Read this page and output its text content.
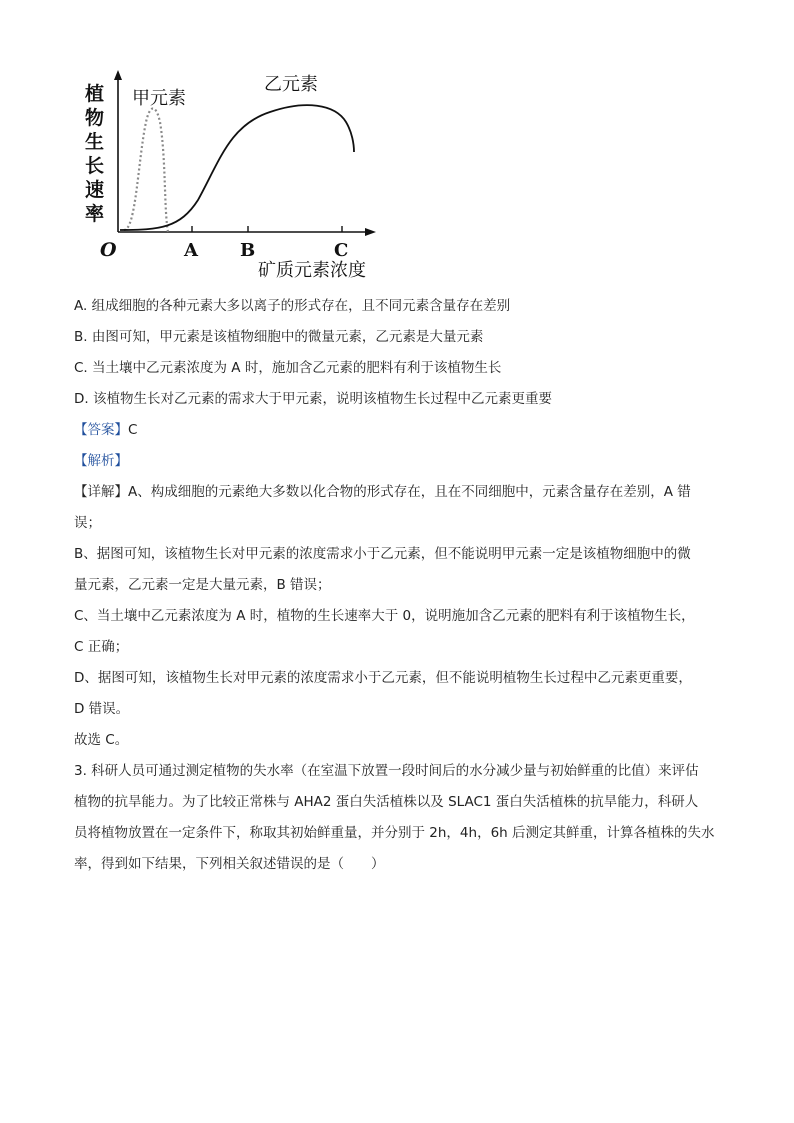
植
物
生
长
速
率
O	A B	C
矿质元素浓度
甲元素
乙元素
A. 组成细胞的各种元素大多以离子的形式存在，且不同元素含量存在差别
B. 由图可知，甲元素是该植物细胞中的微量元素，乙元素是大量元素
C. 当土壤中乙元素浓度为 A 时，施加含乙元素的肥料有利于该植物生长
D. 该植物生长对乙元素的需求大于甲元素，说明该植物生长过程中乙元素更重要
【答案】C
【解析】
【详解】A、构成细胞的元素绝大多数以化合物的形式存在，且在不同细胞中，元素含量存在差别，A 错
误；
B、据图可知，该植物生长对甲元素的浓度需求小于乙元素，但不能说明甲元素一定是该植物细胞中的微
量元素，乙元素一定是大量元素，B 错误；
C、当土壤中乙元素浓度为 A 时，植物的生长速率大于 0，说明施加含乙元素的肥料有利于该植物生长，
C 正确；
D、据图可知，该植物生长对甲元素的浓度需求小于乙元素，但不能说明植物生长过程中乙元素更重要，
D 错误。
故选 C。
3. 科研人员可通过测定植物的失水率（在室温下放置一段时间后的水分减少量与初始鲜重的比值）来评估
植物的抗旱能力。为了比较正常株与 AHA2 蛋白失活植株以及 SLAC1 蛋白失活植株的抗旱能力，科研人
员将植物放置在一定条件下，称取其初始鲜重量，并分别于 2h，4h，6h 后测定其鲜重，计算各植株的失水
率，得到如下结果，下列相关叙述错误的是（　　）
